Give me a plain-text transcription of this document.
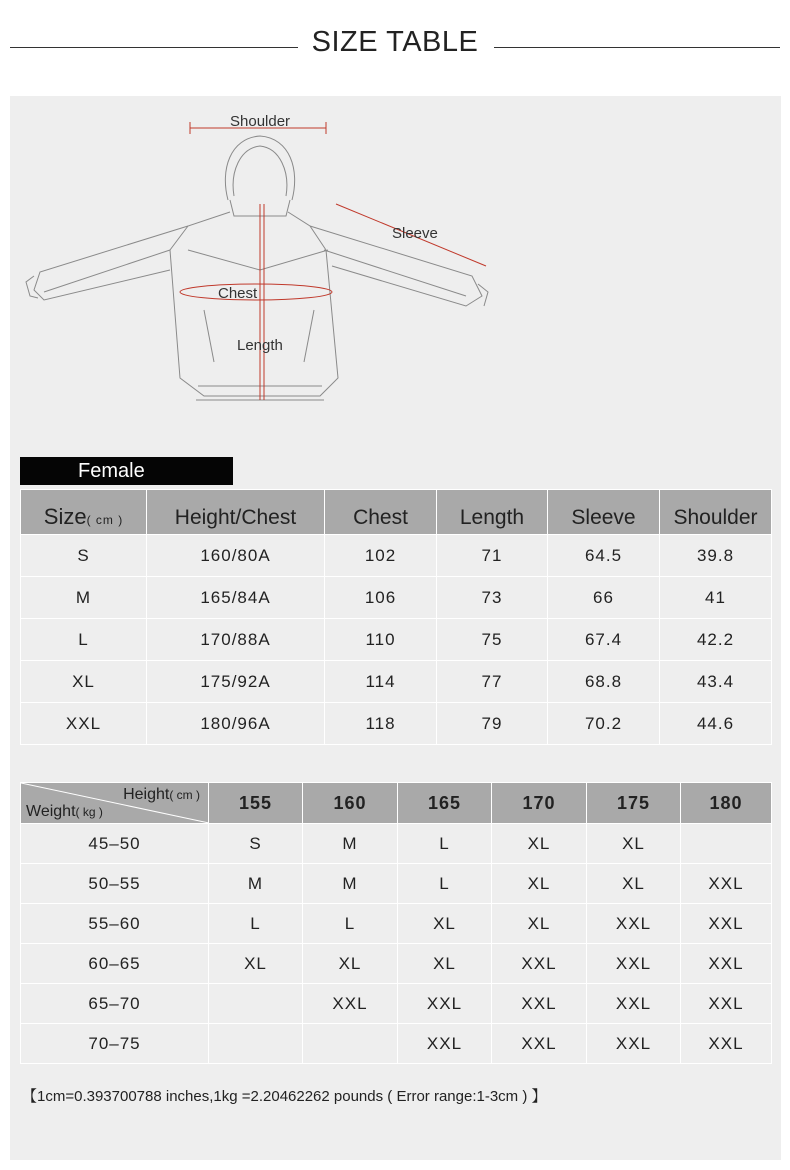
SIZE TABLE
Shoulder
Sleeve
Chest
Length
Female
Size( cm )	Height/Chest	Chest	Length	Sleeve	Shoulder
S	160/80A	102	71	64.5	39.8
M	165/84A	106	73	66	41
L	170/88A	110	75	67.4	42.2
XL	175/92A	114	77	68.8	43.4
XXL	180/96A	118	79	70.2	44.6
Height( cm )
Weight( kg )	155	160	165	170	175	180
45–50	S	M	L	XL	XL	
50–55	M	M	L	XL	XL	XXL
55–60	L	L	XL	XL	XXL	XXL
60–65	XL	XL	XL	XXL	XXL	XXL
65–70		XXL	XXL	XXL	XXL	XXL
70–75			XXL	XXL	XXL	XXL
【1cm=0.393700788 inches,1kg =2.20462262 pounds ( Error range:1-3cm ) 】
